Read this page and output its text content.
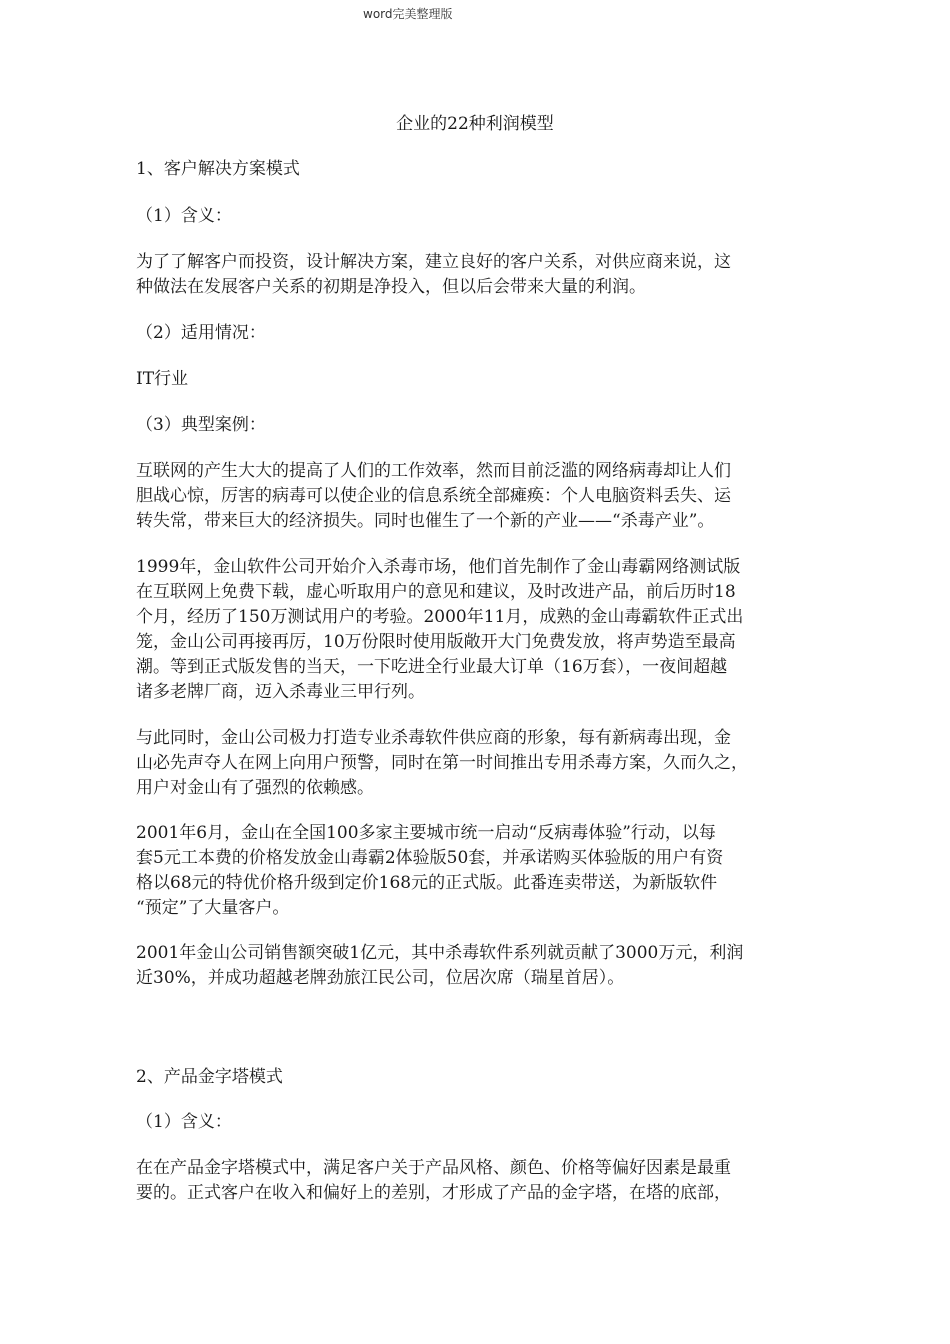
word完美整理版
企业的22种利润模型
1、客户解决方案模式
（1）含义：
为了了解客户而投资，设计解决方案，建立良好的客户关系，对供应商来说，这
种做法在发展客户关系的初期是净投入，但以后会带来大量的利润。
（2）适用情况：
IT行业
（3）典型案例：
互联网的产生大大的提高了人们的工作效率，然而目前泛滥的网络病毒却让人们
胆战心惊，厉害的病毒可以使企业的信息系统全部瘫痪：个人电脑资料丢失、运
转失常，带来巨大的经济损失。同时也催生了一个新的产业——“杀毒产业”。
1999年，金山软件公司开始介入杀毒市场，他们首先制作了金山毒霸网络测试版
在互联网上免费下载，虚心听取用户的意见和建议，及时改进产品，前后历时18
个月，经历了150万测试用户的考验。2000年11月，成熟的金山毒霸软件正式出
笼，金山公司再接再厉，10万份限时使用版敞开大门免费发放，将声势造至最高
潮。等到正式版发售的当天，一下吃进全行业最大订单（16万套），一夜间超越
诸多老牌厂商，迈入杀毒业三甲行列。
与此同时，金山公司极力打造专业杀毒软件供应商的形象，每有新病毒出现，金
山必先声夺人在网上向用户预警，同时在第一时间推出专用杀毒方案，久而久之，
用户对金山有了强烈的依赖感。
2001年6月，金山在全国100多家主要城市统一启动“反病毒体验”行动，以每
套5元工本费的价格发放金山毒霸2体验版50套，并承诺购买体验版的用户有资
格以68元的特优价格升级到定价168元的正式版。此番连卖带送，为新版软件
“预定”了大量客户。
2001年金山公司销售额突破1亿元，其中杀毒软件系列就贡献了3000万元，利润
近30%，并成功超越老牌劲旅江民公司，位居次席（瑞星首居）。
2、产品金字塔模式
（1）含义：
在在产品金字塔模式中，满足客户关于产品风格、颜色、价格等偏好因素是最重
要的。正式客户在收入和偏好上的差别，才形成了产品的金字塔，在塔的底部，
